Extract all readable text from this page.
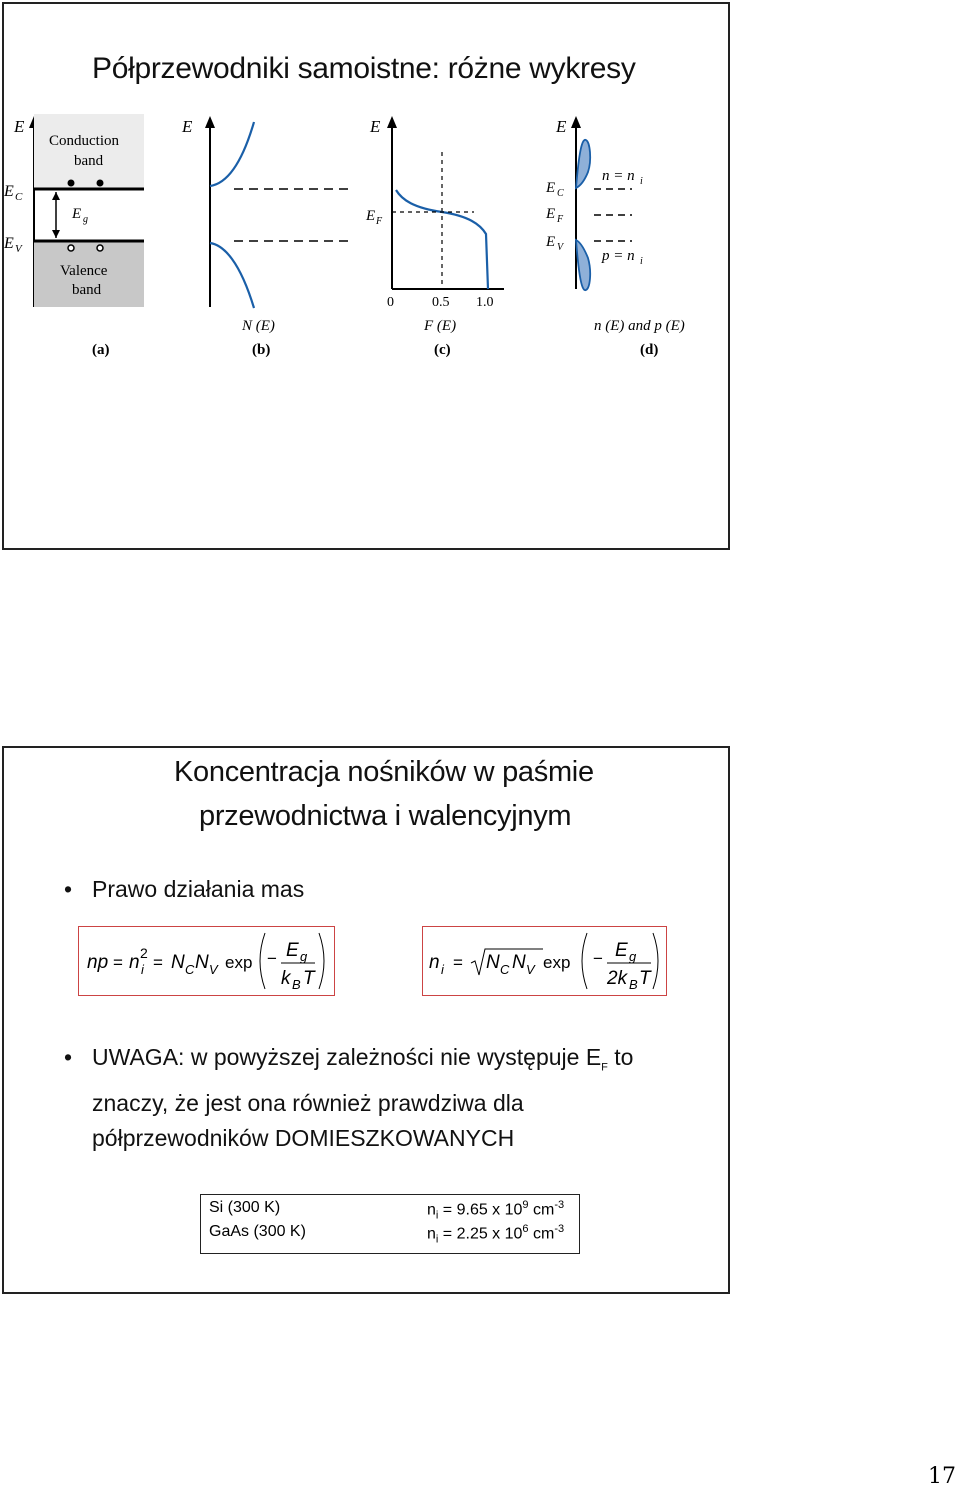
Półprzewodniki samoistne: różne wykresy
E
Conduction
band
E C
E g
E V
Valence
band
(a)
E
N (E)
(b)
E
E F
0	0.5 1.0
F (E)
(c)
E
E C
E F
E V
n = n i
p = n i
n (E) and p (E)
(d)
Koncentracja nośników w paśmie
przewodnictwa i walencyjnym
• Prawo działania mas
np = n 2
i = N C N V exp − E g
k B T
n i = N C N V exp − E g
2k B T
• UWAGA: w powyższej zależności nie występuje $E_F$ to znaczy, że jest ona również prawdziwa dla półprzewodników DOMIESZKOWANYCH
Si (300 K)	$n_i = 9.65$ x $10^9$ $cm^{-3}$
GaAs (300 K)	$n_i = 2.25$ x $10^6$ $cm^{-3}$
17
